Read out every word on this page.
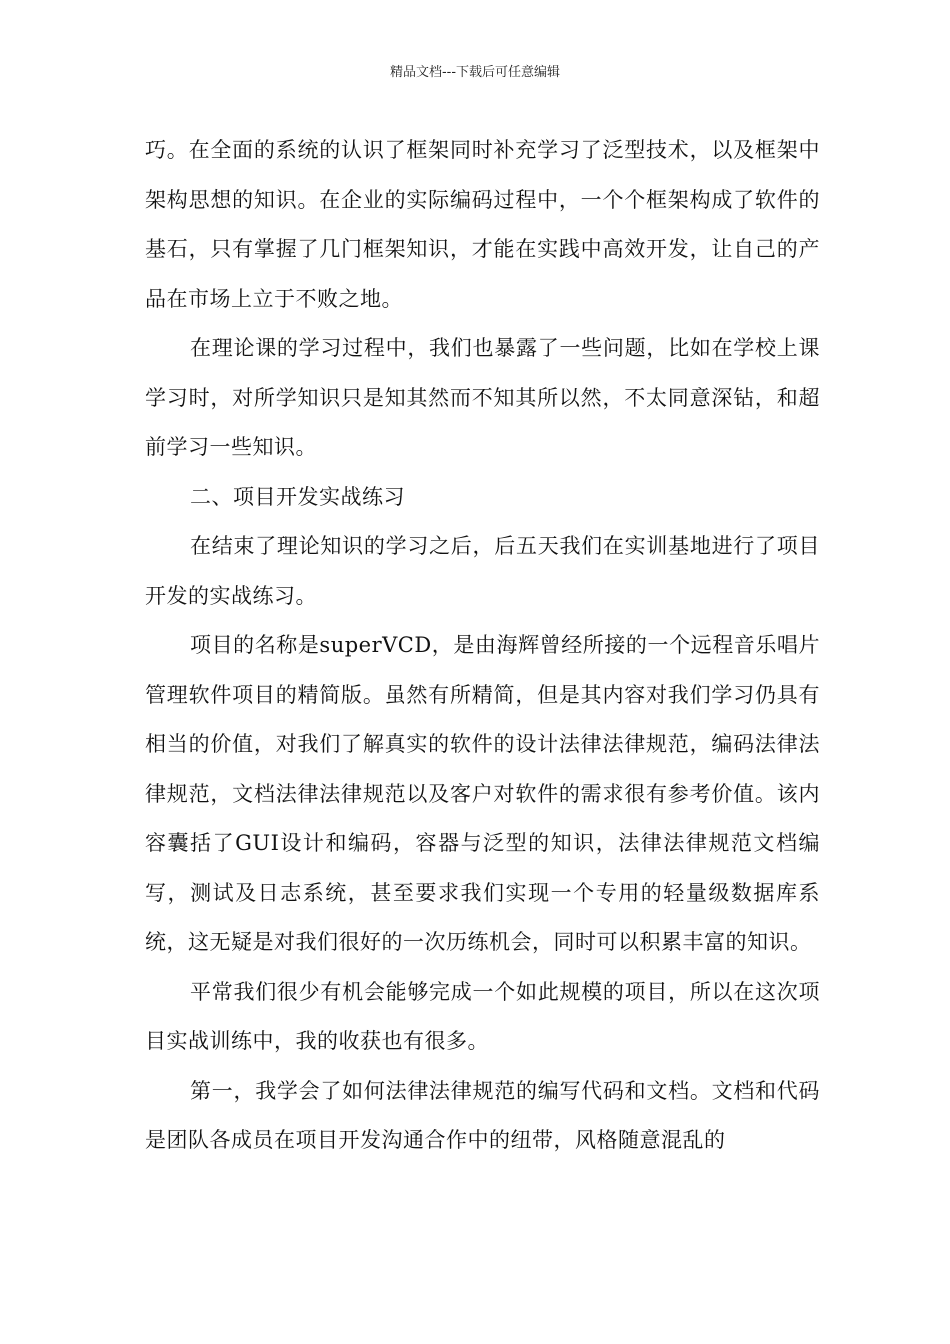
精品文档---下载后可任意编辑

巧。在全面的系统的认识了框架同时补充学习了泛型技术，以及框架中架构思想的知识。在企业的实际编码过程中，一个个框架构成了软件的基石，只有掌握了几门框架知识，才能在实践中高效开发，让自己的产品在市场上立于不败之地。

在理论课的学习过程中，我们也暴露了一些问题，比如在学校上课学习时，对所学知识只是知其然而不知其所以然，不太同意深钻，和超前学习一些知识。

二、项目开发实战练习

在结束了理论知识的学习之后，后五天我们在实训基地进行了项目开发的实战练习。

项目的名称是superVCD，是由海辉曾经所接的一个远程音乐唱片管理软件项目的精简版。虽然有所精简，但是其内容对我们学习仍具有相当的价值，对我们了解真实的软件的设计法律法律规范，编码法律法律规范，文档法律法律规范以及客户对软件的需求很有参考价值。该内容囊括了GUI设计和编码，容器与泛型的知识，法律法律规范文档编写，测试及日志系统，甚至要求我们实现一个专用的轻量级数据库系统，这无疑是对我们很好的一次历练机会，同时可以积累丰富的知识。

平常我们很少有机会能够完成一个如此规模的项目，所以在这次项目实战训练中，我的收获也有很多。

第一，我学会了如何法律法律规范的编写代码和文档。文档和代码是团队各成员在项目开发沟通合作中的纽带，风格随意混乱的
